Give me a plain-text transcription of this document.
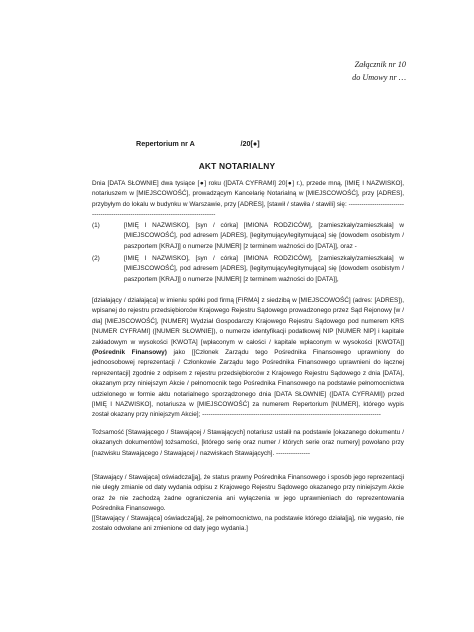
Załącznik nr 10
do Umowy nr …
Repertorium nr A                       /20[●]
AKT NOTARIALNY
Dnia [DATA SŁOWNIE] dwa tysiące [●] roku ([DATA CYFRAMI] 20[●] r.), przede mną, [IMIĘ I NAZWISKO], notariuszem w [MIEJSCOWOŚĆ], prowadzącym Kancelarię Notarialną w [MIEJSCOWOŚĆ], przy [ADRES], przybyłym do lokalu w budynku w Warszawie, przy [ADRES], [stawił / stawiła / stawili] się: ------------------------------------------------------------------------------------
(1)	[IMIĘ I NAZWISKO], [syn / córka] [IMIONA RODZICÓW], [zamieszkały/zamieszkała] w [MIEJSCOWOŚĆ], pod adresem [ADRES], [legitymujący/legitymująca] się [dowodem osobistym / paszportem [KRAJ]] o numerze [NUMER] [z terminem ważności do [DATA]], oraz -
(2)	[IMIĘ I NAZWISKO], [syn / córka] [IMIONA RODZICÓW], [zamieszkały/zamieszkała] w [MIEJSCOWOŚĆ], pod adresem [ADRES], [legitymujący/legitymująca] się [dowodem osobistym / paszportem [KRAJ]] o numerze [NUMER] [z terminem ważności do [DATA]],
[działający / działająca] w imieniu spółki pod firmą [FIRMA] z siedzibą w [MIEJSCOWOŚĆ] (adres: [ADRES]), wpisanej do rejestru przedsiębiorców Krajowego Rejestru Sądowego prowadzonego przez Sąd Rejonowy [w / dla] [MIEJSCOWOŚĆ], [NUMER] Wydział Gospodarczy Krajowego Rejestru Sądowego pod numerem KRS [NUMER CYFRAMI] ([NUMER SŁOWNIE]), o numerze identyfikacji podatkowej NIP [NUMER NIP] i kapitale zakładowym w wysokości [KWOTA] [wpłaconym w całości / kapitale wpłaconym w wysokości [KWOTA]] (Pośrednik Finansowy) jako [[Członek Zarządu tego Pośrednika Finansowego uprawniony do jednoosobowej reprezentacji / Członkowie Zarządu tego Pośrednika Finansowego uprawnieni do łącznej reprezentacji] zgodnie z odpisem z rejestru przedsiębiorców z Krajowego Rejestru Sądowego z dnia [DATA], okazanym przy niniejszym Akcie / pełnomocnik tego Pośrednika Finansowego na podstawie pełnomocnictwa udzielonego w formie aktu notarialnego sporządzonego dnia [DATA SŁOWNIE] ([DATA CYFRAMI]) przed [IMIĘ I NAZWISKO], notariusza w [MIEJSCOWOŚĆ] za numerem Repertorium [NUMER], którego wypis został okazany przy niniejszym Akcie]; ------------------------------------------------------------------------------------
Tożsamość [Stawającego / Stawającej / Stawających] notariusz ustalił na podstawie [okazanego dokumentu / okazanych dokumentów] tożsamości, [którego serię oraz numer / których serie oraz numery] powołano przy [nazwisku Stawającego / Stawającej / nazwiskach Stawających]. ----------------
[Stawający / Stawająca] oświadcza[ją], że status prawny Pośrednika Finansowego i sposób jego reprezentacji nie uległy zmianie od daty wydania odpisu z Krajowego Rejestru Sądowego okazanego przy niniejszym Akcie oraz że nie zachodzą żadne ograniczenia ani wyłączenia w jego uprawnieniach do reprezentowania Pośrednika Finansowego.
[[Stawający / Stawająca] oświadcza[ją], że pełnomocnictwo, na podstawie którego działa[ją], nie wygasło, nie zostało odwołane ani zmienione od daty jego wydania.]
